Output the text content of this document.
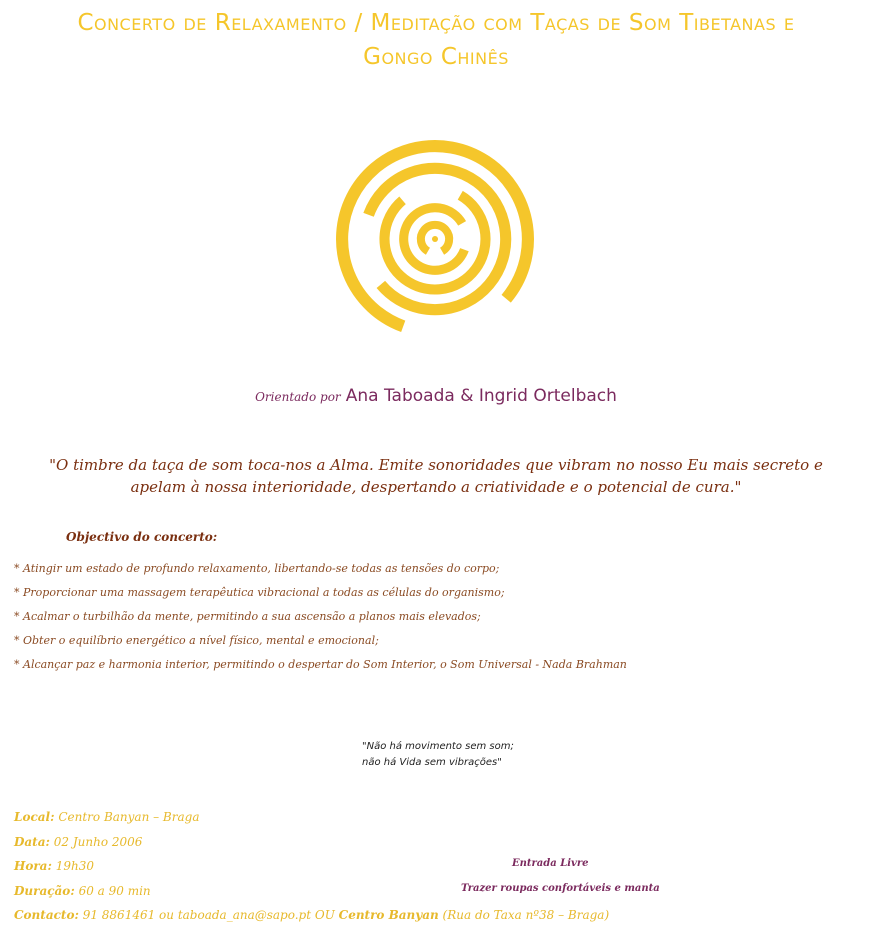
Concerto de Relaxamento / Meditação com Taças de Som Tibetanas e
Gongo Chinês
Orientado por Ana Taboada & Ingrid Ortelbach
"O timbre da taça de som toca-nos a Alma. Emite sonoridades que vibram no nosso Eu mais secreto e apelam à nossa interioridade, despertando a criatividade e o potencial de cura."
Objectivo do concerto:
* Atingir um estado de profundo relaxamento, libertando-se todas as tensões do corpo;
* Proporcionar uma massagem terapêutica vibracional a todas as células do organismo;
* Acalmar o turbilhão da mente, permitindo a sua ascensão a planos mais elevados;
* Obter o equilíbrio energético a nível físico, mental e emocional;
* Alcançar paz e harmonia interior, permitindo o despertar do Som Interior, o Som Universal - Nada Brahman
"Não há movimento sem som;
não há Vida sem vibrações"
Local: Centro Banyan – Braga
Data: 02 Junho 2006
Hora: 19h30
Duração: 60 a 90 min
Contacto: 91 8861461 ou taboada_ana@sapo.pt OU Centro Banyan (Rua do Taxa nº38 – Braga)
Entrada Livre
Trazer roupas confortáveis e manta
